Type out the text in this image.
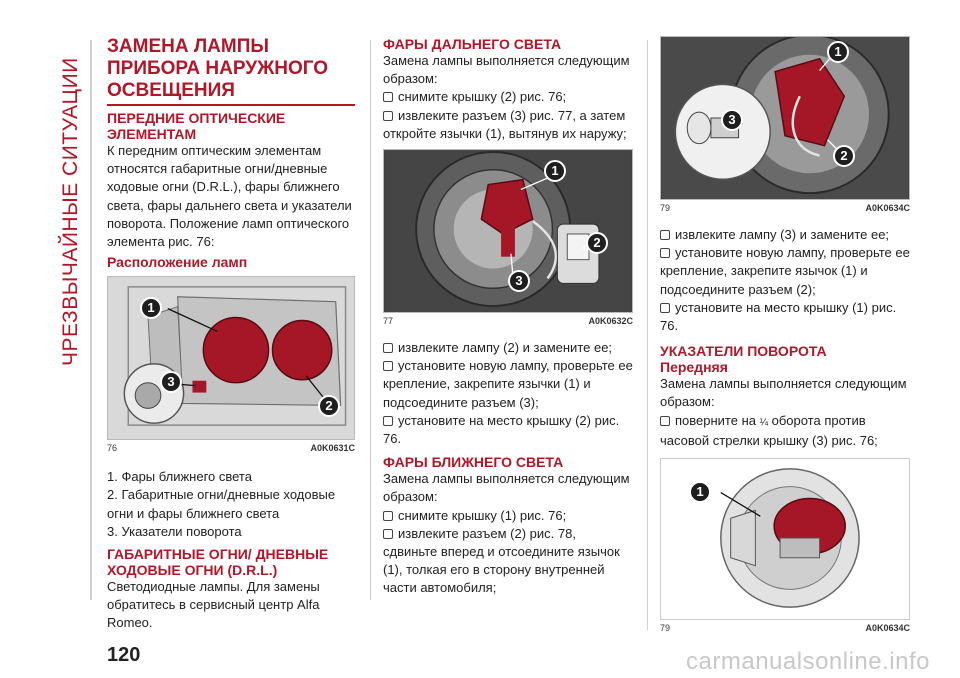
ЧРЕЗВЫЧАЙНЫЕ СИТУАЦИИ
ЗАМЕНА ЛАМПЫ ПРИБОРА НАРУЖНОГО ОСВЕЩЕНИЯ
ПЕРЕДНИЕ ОПТИЧЕСКИЕ ЭЛЕМЕНТАМ
К передним оптическим элементам относятся габаритные огни/дневные ходовые огни (D.R.L.), фары ближнего света, фары дальнего света и указатели поворота. Положение ламп оптического элемента рис. 76:
Расположение ламп
1
2
3
76	A0K0631C
1. Фары ближнего света
2. Габаритные огни/дневные ходовые огни и фары ближнего света
3. Указатели поворота
ГАБАРИТНЫЕ ОГНИ/ ДНЕВНЫЕ ХОДОВЫЕ ОГНИ (D.R.L.)
Светодиодные лампы. Для замены обратитесь в сервисный центр Alfa Romeo.
ФАРЫ ДАЛЬНЕГО СВЕТА
Замена лампы выполняется следующим образом:
снимите крышку (2) рис. 76;
извлеките разъем (3) рис. 77, а затем откройте язычки (1), вытянув их наружу;
1
2
3
77	A0K0632C
извлеките лампу (2) и замените ее;
установите новую лампу, проверьте ее крепление, закрепите язычки (1) и подсоедините разъем (3);
установите на место крышку (2) рис. 76.
ФАРЫ БЛИЖНЕГО СВЕТА
Замена лампы выполняется следующим образом:
снимите крышку (1) рис. 76;
извлеките разъем (2) рис. 78, сдвиньте вперед и отсоедините язычок (1), толкая его в сторону внутренней части автомобиля;
1
2
3
79	A0K0634C
извлеките лампу (3) и замените ее;
установите новую лампу, проверьте ее крепление, закрепите язычок (1) и подсоедините разъем (2);
установите на место крышку (1) рис. 76.
УКАЗАТЕЛИ ПОВОРОТА
Передняя
Замена лампы выполняется следующим образом:
поверните на ¼ оборота против часовой стрелки крышку (3) рис. 76;
1
79	A0K0634C
120	carmanualsonline.info
